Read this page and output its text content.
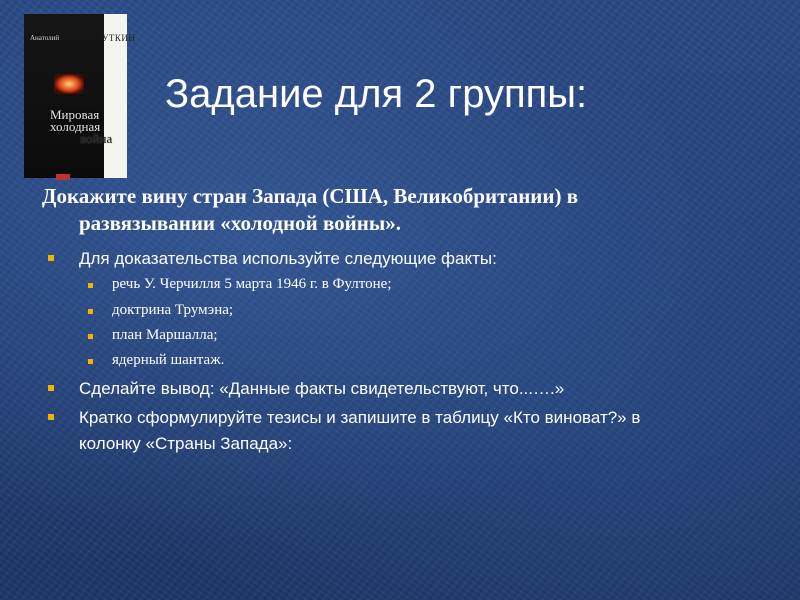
Анатолий	УТКИН
Мировая
холодная
война
Задание для 2 группы:
Докажите вину стран Запада (США, Великобритании) в
развязывании «холодной войны».
Для доказательства используйте следующие факты:
речь У. Черчилля 5 марта 1946 г. в Фултоне;
доктрина Трумэна;
план Маршалла;
ядерный шантаж.
Сделайте вывод: «Данные факты свидетельствуют, что...….»
Кратко сформулируйте тезисы и запишите в таблицу «Кто виноват?» в
колонку «Страны Запада»:
